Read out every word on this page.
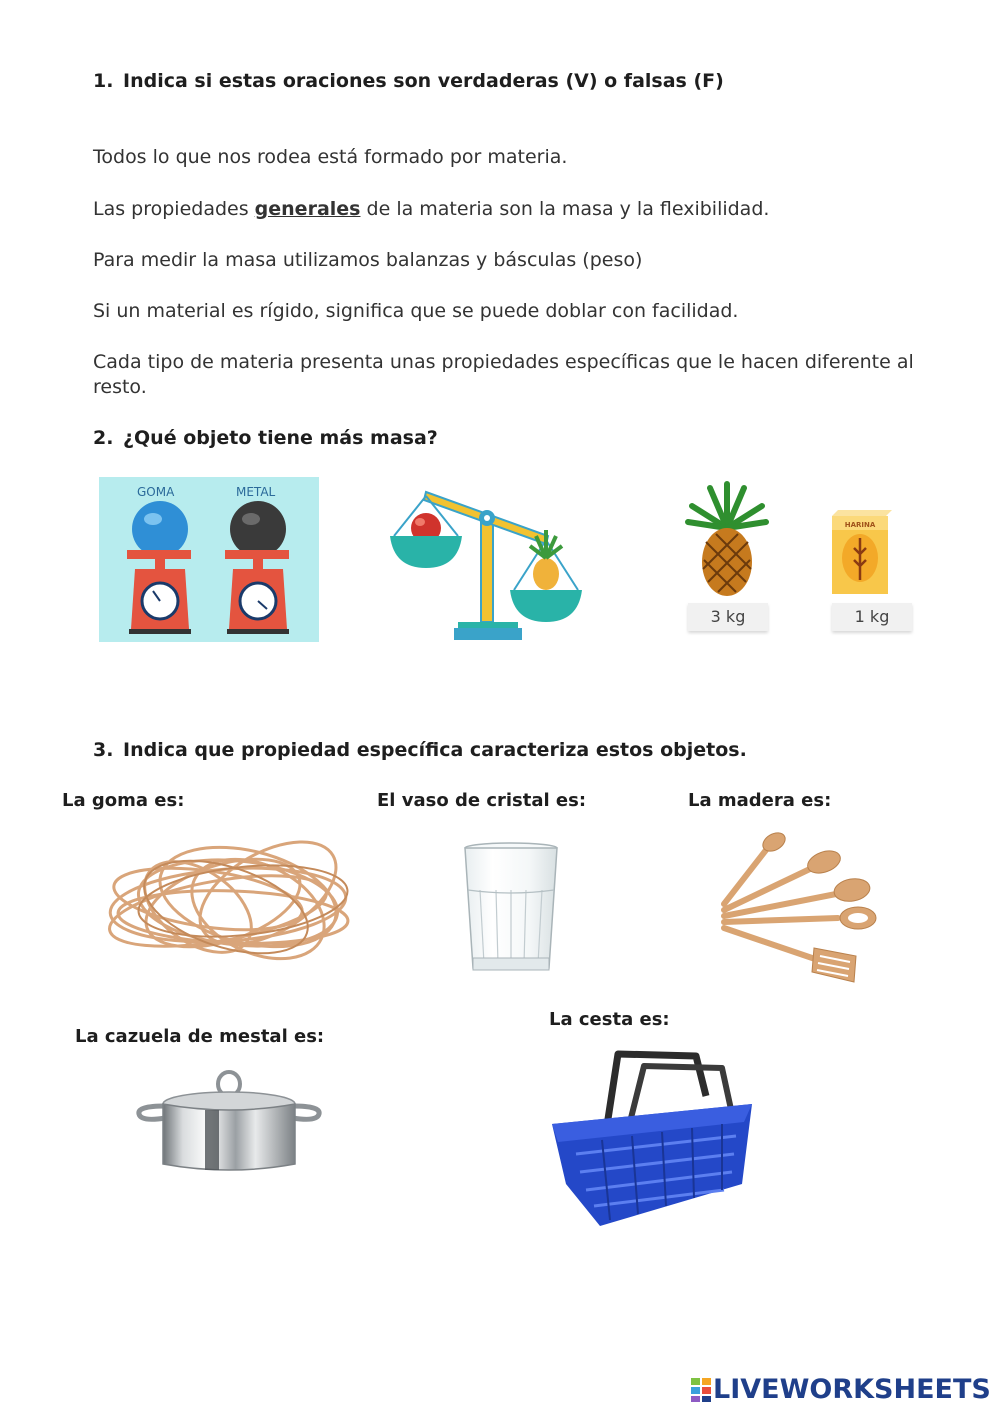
1. Indica si estas oraciones son verdaderas (V) o falsas (F)
Todos lo que nos rodea está formado por materia.
Las propiedades generales de la materia son la masa y la flexibilidad.
Para medir la masa utilizamos balanzas y básculas (peso)
Si un material es rígido, significa que se puede doblar con facilidad.
Cada tipo de materia presenta unas propiedades específicas que le hacen diferente al resto.
2. ¿Qué objeto tiene más masa?
GOMA	METAL
3 kg
HARINA
1 kg
3. Indica que propiedad específica caracteriza estos objetos.
La goma es:	El vaso de cristal es:	La madera es:
La cazuela de mestal es:
La cesta es:
LIVEWORKSHEETS
